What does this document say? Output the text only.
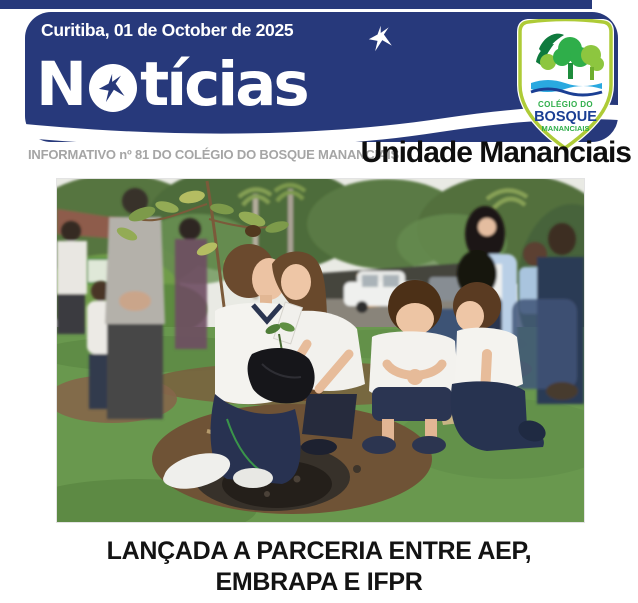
Curitiba, 01 de October de 2025
N tícias	COLÉGIO DO
BOSQUE
MANANCIAIS
INFORMATIVO nº 81 DO COLÉGIO DO BOSQUE MANANCIAIS
Unidade Mananciais
LANÇADA A PARCERIA ENTRE AEP,
EMBRAPA E IFPR
